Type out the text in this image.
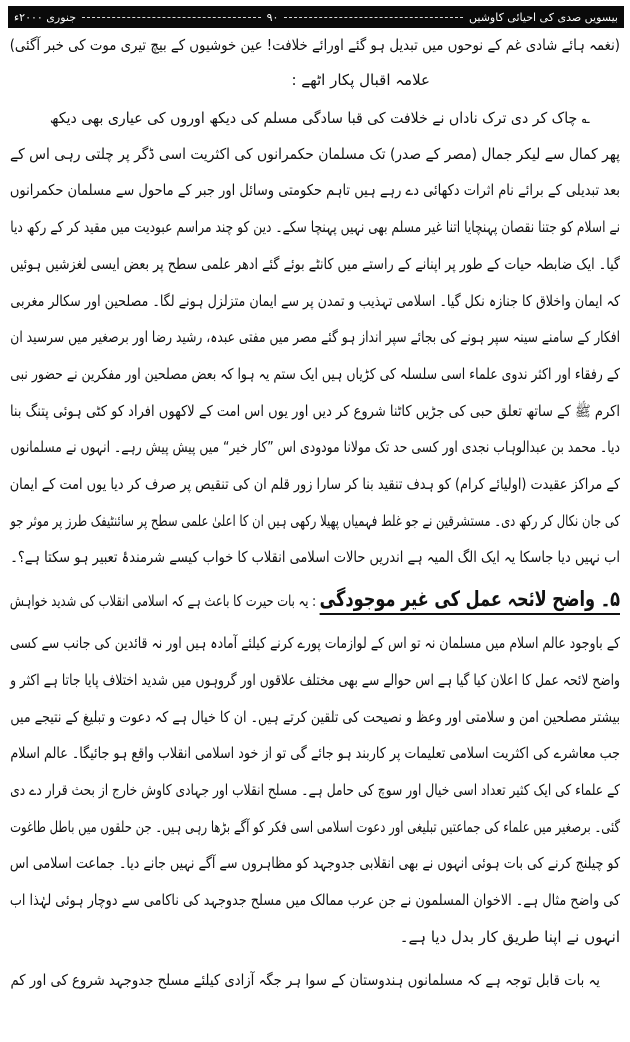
بیسویں صدی کی احیائی کاوشیں
۹۰
جنوری ۲۰۰۰ء
(نغمہ ہائے شادی غم کے نوحوں میں تبدیل ہو گئے اورائے خلافت! عین خوشیوں کے بیچ تیری موت کی خبر آگئی)
علامہ اقبال پکار اٹھے :
؎ چاک کر دی ترک ناداں نے خلافت کی قبا سادگی مسلم کی دیکھ اوروں کی عیاری بھی دیکھ
پھر کمال سے لیکر جمال (مصر کے صدر) تک مسلمان حکمرانوں کی اکثریت اسی ڈگر پر چلتی رہی اس کے
بعد تبدیلی کے برائے نام اثرات دکھائی دے رہے ہیں تاہم حکومتی وسائل اور جبر کے ماحول سے مسلمان حکمرانوں
نے اسلام کو جتنا نقصان پہنچایا اتنا غیر مسلم بھی نہیں پہنچا سکے۔ دین کو چند مراسم عبودیت میں مقید کر کے رکھ دیا
گیا۔ ایک ضابطہ حیات کے طور پر اپنانے کے راستے میں کانٹے بوئے گئے ادھر علمی سطح پر بعض ایسی لغزشیں ہوئیں
کہ ایمان واخلاق کا جنازہ نکل گیا۔ اسلامی تہذیب و تمدن پر سے ایمان متزلزل ہونے لگا۔ مصلحین اور سکالر مغربی
افکار کے سامنے سینہ سپر ہونے کی بجائے سپر انداز ہو گئے مصر میں مفتی عبدہ، رشید رضا اور برصغیر میں سرسید ان
کے رفقاء اور اکثر ندوی علماء اسی سلسلہ کی کڑیاں ہیں ایک ستم یہ ہوا کہ بعض مصلحین اور مفکرین نے حضور نبی
اکرم ﷺ کے ساتھ تعلق حبی کی جڑیں کاٹنا شروع کر دیں اور یوں اس امت کے لاکھوں افراد کو کٹی ہوئی پتنگ بنا
دیا۔ محمد بن عبدالوہاب نجدی اور کسی حد تک مولانا مودودی اس ”کار خیر“ میں پیش پیش رہے۔ انہوں نے مسلمانوں
کے مراکز عقیدت (اولیائے کرام) کو ہدف تنقید بنا کر سارا زور قلم ان کی تنقیص پر صرف کر دیا یوں امت کے ایمان
کی جان نکال کر رکھ دی۔ مستشرقین نے جو غلط فہمیاں پھیلا رکھی ہیں ان کا اعلیٰ علمی سطح پر سائنٹیفک طرز پر موثر جو
اب نہیں دیا جاسکا یہ ایک الگ المیہ ہے اندریں حالات اسلامی انقلاب کا خواب کیسے شرمندۂ تعبیر ہو سکتا ہے؟۔
۵۔ واضح لائحہ عمل کی غیر موجودگی : یہ بات حیرت کا باعث ہے کہ اسلامی انقلاب کی شدید خواہش
کے باوجود عالم اسلام میں مسلمان نہ تو اس کے لوازمات پورے کرنے کیلئے آمادہ ہیں اور نہ قائدین کی جانب سے کسی
واضح لائحہ عمل کا اعلان کیا گیا ہے اس حوالے سے بھی مختلف علاقوں اور گروہوں میں شدید اختلاف پایا جاتا ہے اکثر و
بیشتر مصلحین امن و سلامتی اور وعظ و نصیحت کی تلقین کرتے ہیں۔ ان کا خیال ہے کہ دعوت و تبلیغ کے نتیجے میں
جب معاشرے کی اکثریت اسلامی تعلیمات پر کاربند ہو جائے گی تو از خود اسلامی انقلاب واقع ہو جائیگا۔ عالم اسلام
کے علماء کی ایک کثیر تعداد اسی خیال اور سوچ کی حامل ہے۔ مسلح انقلاب اور جہادی کاوش خارج از بحث قرار دے دی
گئی۔ برصغیر میں علماء کی جماعتیں تبلیغی اور دعوت اسلامی اسی فکر کو آگے بڑھا رہی ہیں۔ جن حلقوں میں باطل طاغوت
کو چیلنج کرنے کی بات ہوئی انہوں نے بھی انقلابی جدوجہد کو مظاہروں سے آگے نہیں جانے دیا۔ جماعت اسلامی اس
کی واضح مثال ہے۔ الاخوان المسلمون نے جن عرب ممالک میں مسلح جدوجہد کی ناکامی سے دوچار ہوئی لہٰذا اب
انہوں نے اپنا طریق کار بدل دیا ہے۔
یہ بات قابل توجہ ہے کہ مسلمانوں ہندوستان کے سوا ہر جگہ آزادی کیلئے مسلح جدوجہد شروع کی اور کم
